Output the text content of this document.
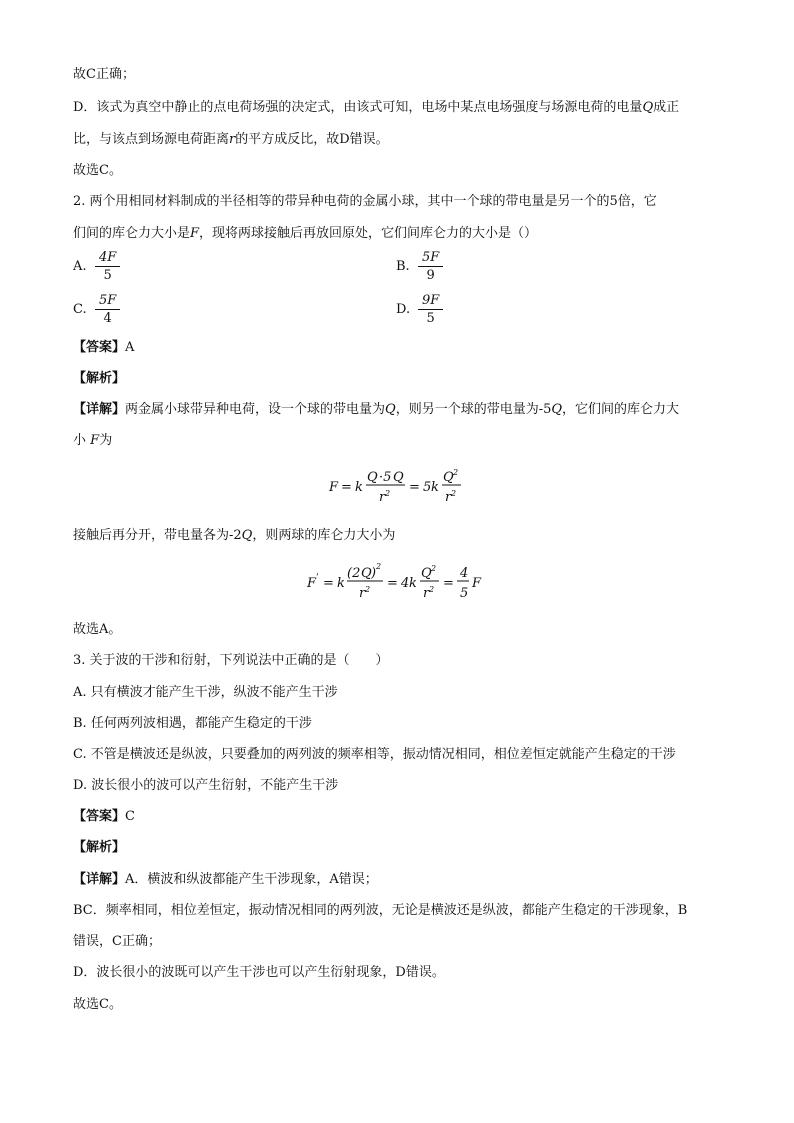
故C正确；
D．该式为真空中静止的点电荷场强的决定式，由该式可知，电场中某点电场强度与场源电荷的电量Q成正
比，与该点到场源电荷距离r的平方成反比，故D错误。
故选C。
2. 两个用相同材料制成的半径相等的带异种电荷的金属小球，其中一个球的带电量是另一个的5倍，它
们间的库仑力大小是F，现将两球接触后再放回原处，它们间库仑力的大小是（）
A. $\frac{4F}{5}$	B. $\frac{5F}{9}$
C. $\frac{5F}{4}$	D. $\frac{9F}{5}$
【答案】A
【解析】
【详解】两金属小球带异种电荷，设一个球的带电量为Q，则另一个球的带电量为-5Q，它们间的库仑力大
小 F为
F = k
Q ·5 Q
r 2 = 5 k
Q 2
r 2
接触后再分开，带电量各为-2Q，则两球的库仑力大小为
F ' = k
(2 Q ) 2
r 2 = 4 k
Q 2
r 2 =
4
5
F
故选A。
3. 关于波的干涉和衍射，下列说法中正确的是（　　）
A. 只有横波才能产生干涉，纵波不能产生干涉
B. 任何两列波相遇，都能产生稳定的干涉
C. 不管是横波还是纵波，只要叠加的两列波的频率相等，振动情况相同，相位差恒定就能产生稳定的干涉
D. 波长很小的波可以产生衍射，不能产生干涉
【答案】C
【解析】
【详解】A．横波和纵波都能产生干涉现象，A错误；
BC．频率相同，相位差恒定，振动情况相同的两列波，无论是横波还是纵波，都能产生稳定的干涉现象，B
错误，C正确；
D．波长很小的波既可以产生干涉也可以产生衍射现象，D错误。
故选C。
